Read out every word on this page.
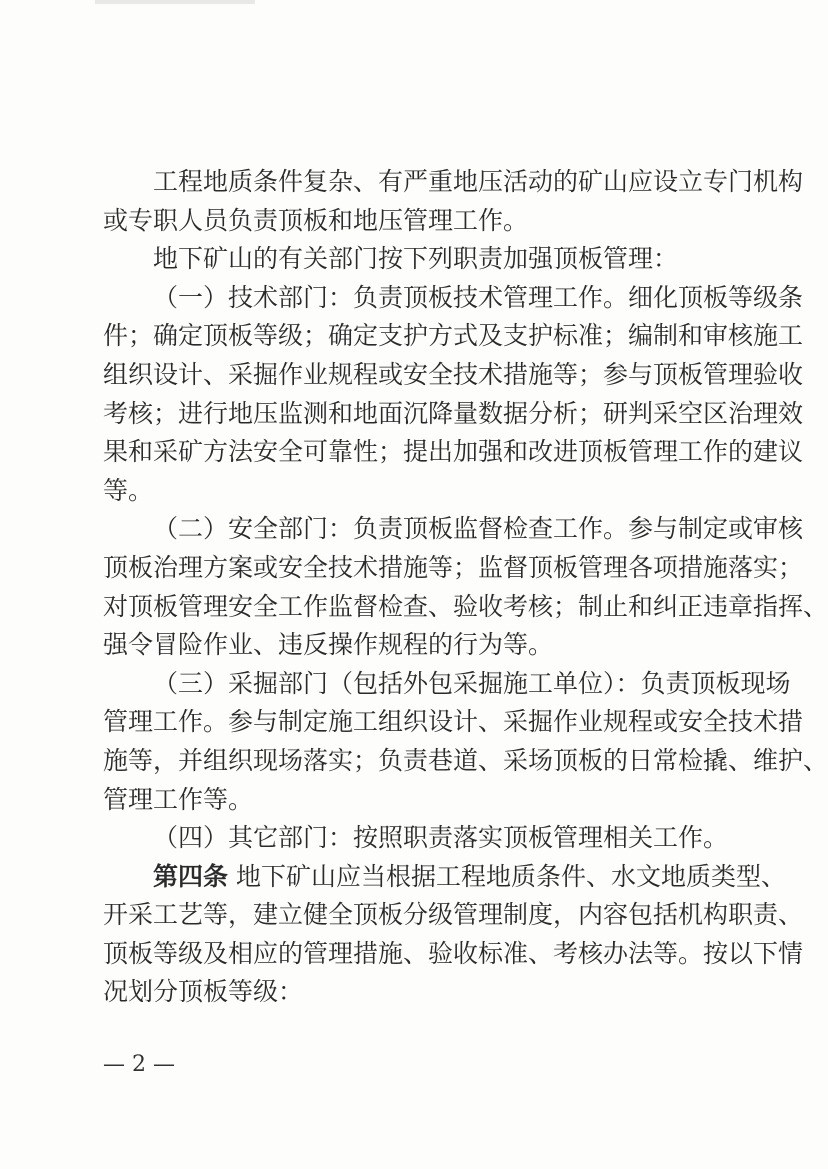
工程地质条件复杂、有严重地压活动的矿山应设立专门机构
或专职人员负责顶板和地压管理工作。
地下矿山的有关部门按下列职责加强顶板管理：
（一）技术部门：负责顶板技术管理工作。细化顶板等级条
件；确定顶板等级；确定支护方式及支护标准；编制和审核施工
组织设计、采掘作业规程或安全技术措施等；参与顶板管理验收
考核；进行地压监测和地面沉降量数据分析；研判采空区治理效
果和采矿方法安全可靠性；提出加强和改进顶板管理工作的建议
等。
（二）安全部门：负责顶板监督检查工作。参与制定或审核
顶板治理方案或安全技术措施等；监督顶板管理各项措施落实；
对顶板管理安全工作监督检查、验收考核；制止和纠正违章指挥、
强令冒险作业、违反操作规程的行为等。
（三）采掘部门（包括外包采掘施工单位）：负责顶板现场
管理工作。参与制定施工组织设计、采掘作业规程或安全技术措
施等，并组织现场落实；负责巷道、采场顶板的日常检撬、维护、
管理工作等。
（四）其它部门：按照职责落实顶板管理相关工作。
第四条 地下矿山应当根据工程地质条件、水文地质类型、
开采工艺等，建立健全顶板分级管理制度，内容包括机构职责、
顶板等级及相应的管理措施、验收标准、考核办法等。按以下情
况划分顶板等级：
— 2 —
